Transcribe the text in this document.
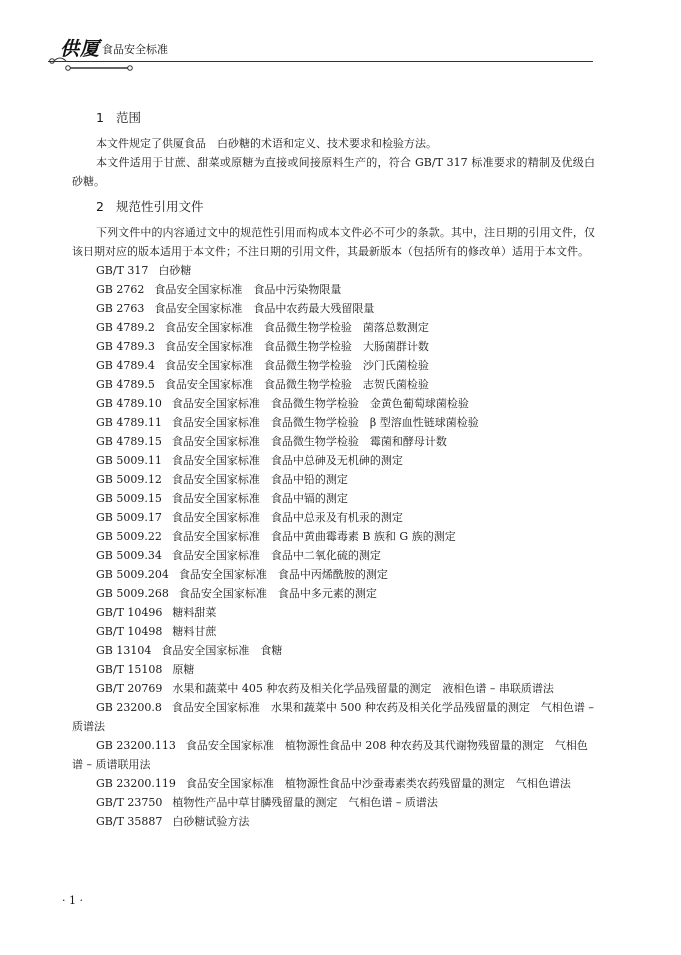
供厦 食品安全标准
1 范围

本文件规定了供厦食品　白砂糖的术语和定义、技术要求和检验方法。

本文件适用于甘蔗、甜菜或原糖为直接或间接原料生产的，符合 GB/T 317 标准要求的精制及优级白砂糖。

2 规范性引用文件

下列文件中的内容通过文中的规范性引用而构成本文件必不可少的条款。其中，注日期的引用文件，仅该日期对应的版本适用于本文件；不注日期的引用文件，其最新版本（包括所有的修改单）适用于本文件。

GB/T 317 白砂糖
GB 2762 食品安全国家标准　食品中污染物限量
GB 2763 食品安全国家标准　食品中农药最大残留限量
GB 4789.2 食品安全国家标准　食品微生物学检验　菌落总数测定
GB 4789.3 食品安全国家标准　食品微生物学检验　大肠菌群计数
GB 4789.4 食品安全国家标准　食品微生物学检验　沙门氏菌检验
GB 4789.5 食品安全国家标准　食品微生物学检验　志贺氏菌检验
GB 4789.10 食品安全国家标准　食品微生物学检验　金黄色葡萄球菌检验
GB 4789.11 食品安全国家标准　食品微生物学检验　β 型溶血性链球菌检验
GB 4789.15 食品安全国家标准　食品微生物学检验　霉菌和酵母计数
GB 5009.11 食品安全国家标准　食品中总砷及无机砷的测定
GB 5009.12 食品安全国家标准　食品中铅的测定
GB 5009.15 食品安全国家标准　食品中镉的测定
GB 5009.17 食品安全国家标准　食品中总汞及有机汞的测定
GB 5009.22 食品安全国家标准　食品中黄曲霉毒素 B 族和 G 族的测定
GB 5009.34 食品安全国家标准　食品中二氧化硫的测定
GB 5009.204 食品安全国家标准　食品中丙烯酰胺的测定
GB 5009.268 食品安全国家标准　食品中多元素的测定
GB/T 10496 糖料甜菜
GB/T 10498 糖料甘蔗
GB 13104 食品安全国家标准　食糖
GB/T 15108 原糖
GB/T 20769 水果和蔬菜中 405 种农药及相关化学品残留量的测定　液相色谱 – 串联质谱法
GB 23200.8 食品安全国家标准　水果和蔬菜中 500 种农药及相关化学品残留量的测定　气相色谱 – 质谱法
GB 23200.113 食品安全国家标准　植物源性食品中 208 种农药及其代谢物残留量的测定　气相色谱 – 质谱联用法
GB 23200.119 食品安全国家标准　植物源性食品中沙蚕毒素类农药残留量的测定　气相色谱法
GB/T 23750 植物性产品中草甘膦残留量的测定　气相色谱 – 质谱法
GB/T 35887 白砂糖试验方法
· 1 ·
